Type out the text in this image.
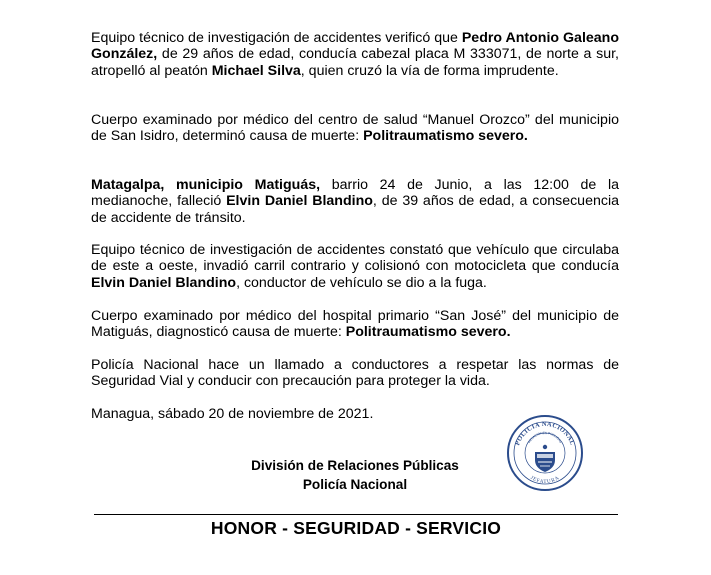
Equipo técnico de investigación de accidentes verificó que Pedro Antonio Galeano González, de 29 años de edad, conducía cabezal placa M 333071, de norte a sur, atropelló al peatón Michael Silva, quien cruzó la vía de forma imprudente.

Cuerpo examinado por médico del centro de salud “Manuel Orozco” del municipio de San Isidro, determinó causa de muerte: Politraumatismo severo.

Matagalpa, municipio Matiguás, barrio 24 de Junio, a las 12:00 de la medianoche, falleció Elvin Daniel Blandino, de 39 años de edad, a consecuencia de accidente de tránsito.

Equipo técnico de investigación de accidentes constató que vehículo que circulaba de este a oeste, invadió carril contrario y colisionó con motocicleta que conducía Elvin Daniel Blandino, conductor de vehículo se dio a la fuga.

Cuerpo examinado por médico del hospital primario “San José” del municipio de Matiguás, diagnosticó causa de muerte: Politraumatismo severo.

Policía Nacional hace un llamado a conductores a respetar las normas de Seguridad Vial y conducir con precaución para proteger la vida.

Managua, sábado 20 de noviembre de 2021.

División de Relaciones Públicas
Policía Nacional
POLICIA NACIONAL
RELACIONES PUBLICAS
JEFATURA
HONOR - SEGURIDAD - SERVICIO
